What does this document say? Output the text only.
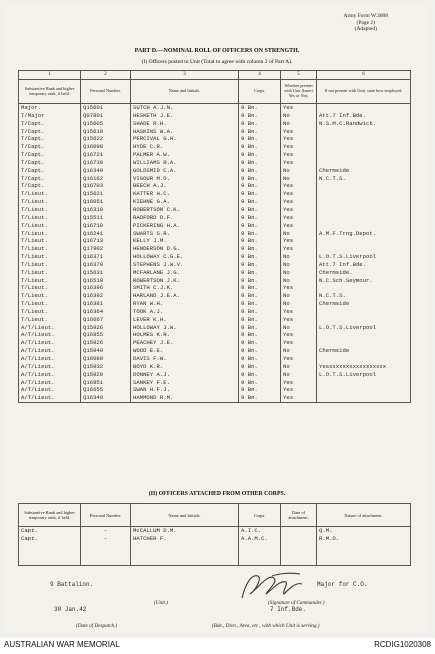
Army Form W.3008
(Page 2)
(Adapted)
PART D.—NOMINAL ROLL OF OFFICERS ON STRENGTH.
(I) Officers posted to Unit (Total to agree with column 2 of Part A).
1	2	3	4	5	6
Substantive Rank and higher temporary rank, if held.	Personal Number.	Name and Initials.	Corps.	Whether present with Unit (Insert Yes or No).	If not present with Unit, state how employed.
Major.	Q15601	SUTCH A.J.N.	9 Bn.	Yes	
T/Major	Q07801	HESKETH J.E.	9 Bn.	No	Att.7 Inf.Bde.
T/Capt.	Q15605	SHADE R.H.	9 Bn.	No	N.S.M.C.Randwick.
T/Capt.	Q15619	HASKINS W.A.	9 Bn.	Yes	
T/Capt.	Q15622	PERCIVAL G.H.	9 Bn.	Yes	
T/Capt.	Q16098	HYDE C.R.	9 Bn.	Yes	
T/Capt.	Q16721	PALMER A.W.	9 Bn.	Yes	
T/Capt.	Q16730	WILLIAMS R.A.	9 Bn.	Yes	
T/Capt.	Q16340	GOLDSMID C.A.	9 Bn.	No	Chermside
T/Capt.	Q16162	VIGOUR M.O.	9 Bn.	No	N.C.T.S.
T/Capt.	Q16703	BEECH A.J.	9 Bn.	Yes	
T/Lieut.	Q15621	KATTER H.C.	9 Bn.	Yes	
T/Lieut.	Q16051	KIEHNE G.A.	9 Bn.	Yes	
T/Lieut.	Q16310	ROBERTSON C.K.	9 Bn.	Yes	
T/Lieut.	Q15511	RADFORD D.F.	9 Bn.	Yes	
T/Lieut.	Q16710	PICKERING H.A.	9 Bn.	Yes	
T/Lieut.	Q16241	SWARTS S.R.	9 Bn.	No	A.M.F.Trng.Depot.
T/Lieut.	Q16713	KELLY J.M.	9 Bn.	Yes	
T/Lieut.	Q17902	HENDERSON D.G.	9 Bn.	Yes	
T/Lieut.	Q16371	HOLLOWAY C.G.E.	9 Bn.	No	L.O.T.S.Liverpool
T/Lieut.	Q16370	STEPHENS J.W.V.	9 Bn.	No	Att.7 Inf.Bde.
T/Lieut.	Q15631	MCFARLANE J.G.	9 Bn.	No	Chermside.
T/Lieut.	Q16510	ROBERTSON J.K.	9 Bn.	No	N.C.Sch.Seymour.
T/Lieut.	Q16396	SMITH C.J.K.	9 Bn.	Yes	
T/Lieut.	Q16392	HARLAND J.E.A.	9 Bn.	No	N.C.T.S.
T/Lieut.	Q16381	RYAN W.H.	9 Bn.	No	Chermside
T/Lieut.	Q16364	TOOK A.J.	9 Bn.	Yes	
T/Lieut.	Q16667	LEVER K.H.	9 Bn.	Yes	
A/T/Lieut.	Q15926	HOLLOWAY J.W.	9 Bn.	No	L.O.T.S.Liverpool
A/T/Lieut.	Q16855	HOLMES K.R.	9 Bn.	Yes	
A/T/Lieut.	Q15926	PEACHEY J.E.	9 Bn.	Yes	
A/T/Lieut.	Q15949	WOOD E.E.	9 Bn.	No	Chermside
A/T/Lieut.	Q16080	DAVIS F.W.	9 Bn.	Yes	
A/T/Lieut.	Q15932	BOYD K.R.	9 Bn.	No	Yesxxxxxxxxxxxxxxxxx
A/T/Lieut.	Q15920	DONNEY A.J.	9 Bn.	No	L.O.T.S.Liverpool
A/T/Lieut.	Q16851	SANKEY F.E.	9 Bn.	Yes	
A/T/Lieut.	Q16655	SWAN H.F.J.	9 Bn.	Yes	
A/T/Lieut.	Q16340	HAMMOND R.M.	9 Bn.	Yes	
(II) OFFICERS ATTACHED FROM OTHER CORPS.
Substantive Rank and higher temporary rank, if held.	Personal Number.	Name and Initials.	Corps.	Date of attachment.	Nature of attachment.
Capt.	-	McCALLUM D.M.	A.I.C.		Q.M.
Capt.	-	HATCHER F.	A.A.M.C.		R.M.O.

9 Battalion.
(Unit.)
Major for C.O.
(Signature of Commander.)
30 Jan.42	7 Inf.Bde.
(Date of Despatch.)	(Bde., Divn., Area, etc., with which Unit is serving.)
AUSTRALIAN WAR MEMORIAL	RCDIG1020308
